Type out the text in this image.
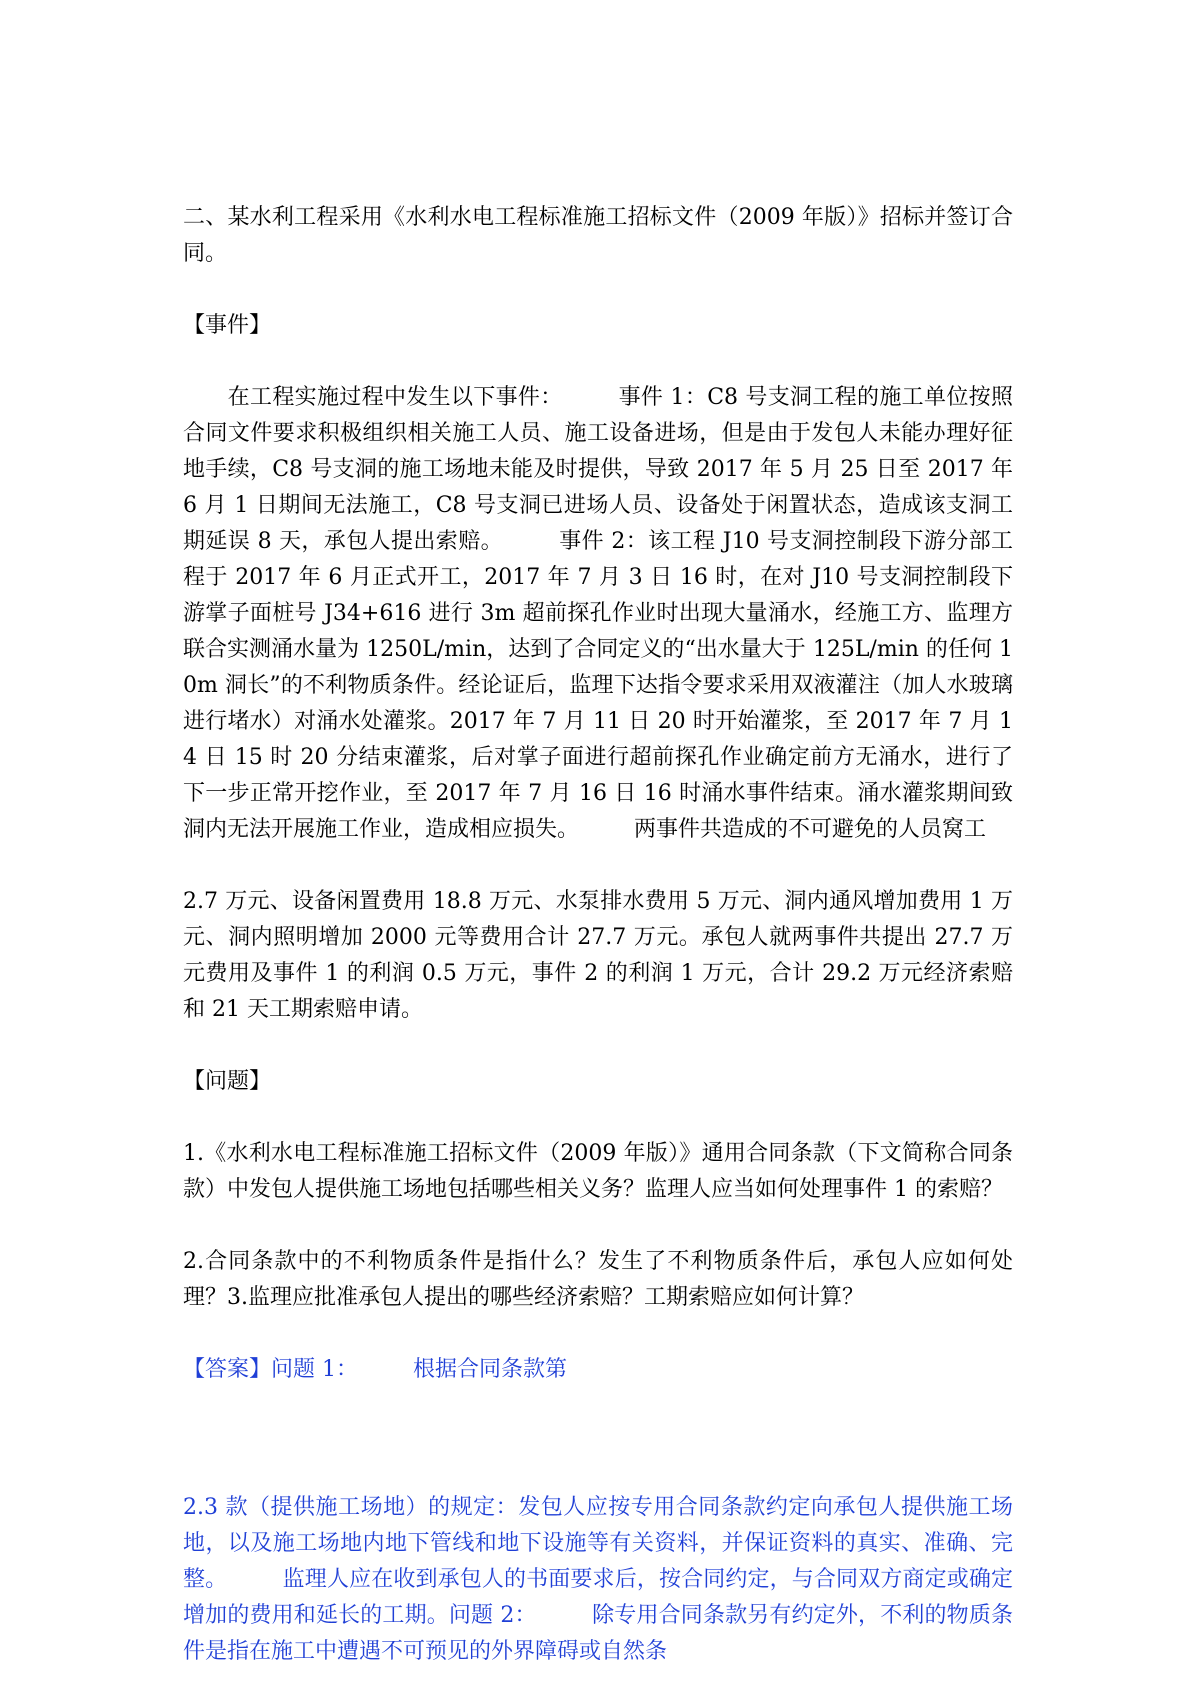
二、某水利工程采用《水利水电工程标准施工招标文件（2009 年版）》招标并签订合同。

【事件】

　　在工程实施过程中发生以下事件：　　　事件 1：C8 号支洞工程的施工单位按照合同文件要求积极组织相关施工人员、施工设备进场，但是由于发包人未能办理好征地手续，C8 号支洞的施工场地未能及时提供，导致 2017 年 5 月 25 日至 2017 年 6 月 1 日期间无法施工，C8 号支洞已进场人员、设备处于闲置状态，造成该支洞工期延误 8 天，承包人提出索赔。　　　事件 2：该工程 J10 号支洞控制段下游分部工程于 2017 年 6 月正式开工，2017 年 7 月 3 日 16 时，在对 J10 号支洞控制段下游掌子面桩号 J34+616 进行 3m 超前探孔作业时出现大量涌水，经施工方、监理方联合实测涌水量为 1250L/min，达到了合同定义的“出水量大于 125L/min 的任何 10m 洞长”的不利物质条件。经论证后，监理下达指令要求采用双液灌注（加人水玻璃进行堵水）对涌水处灌浆。2017 年 7 月 11 日 20 时开始灌浆，至 2017 年 7 月 14 日 15 时 20 分结束灌浆，后对掌子面进行超前探孔作业确定前方无涌水，进行了下一步正常开挖作业，至 2017 年 7 月 16 日 16 时涌水事件结束。涌水灌浆期间致洞内无法开展施工作业，造成相应损失。　　　两事件共造成的不可避免的人员窝工

2.7 万元、设备闲置费用 18.8 万元、水泵排水费用 5 万元、洞内通风增加费用 1 万元、洞内照明增加 2000 元等费用合计 27.7 万元。承包人就两事件共提出 27.7 万元费用及事件 1 的利润 0.5 万元，事件 2 的利润 1 万元，合计 29.2 万元经济索赔和 21 天工期索赔申请。

【问题】

1.《水利水电工程标准施工招标文件（2009 年版）》通用合同条款（下文简称合同条款）中发包人提供施工场地包括哪些相关义务？监理人应当如何处理事件 1 的索赔？

2.合同条款中的不利物质条件是指什么？发生了不利物质条件后，承包人应如何处理？3.监理应批准承包人提出的哪些经济索赔？工期索赔应如何计算？

【答案】问题 1：　　　根据合同条款第

2.3 款（提供施工场地）的规定：发包人应按专用合同条款约定向承包人提供施工场地，以及施工场地内地下管线和地下设施等有关资料，并保证资料的真实、准确、完整。　　　监理人应在收到承包人的书面要求后，按合同约定，与合同双方商定或确定增加的费用和延长的工期。问题 2：　　　除专用合同条款另有约定外，不利的物质条件是指在施工中遭遇不可预见的外界障碍或自然条
